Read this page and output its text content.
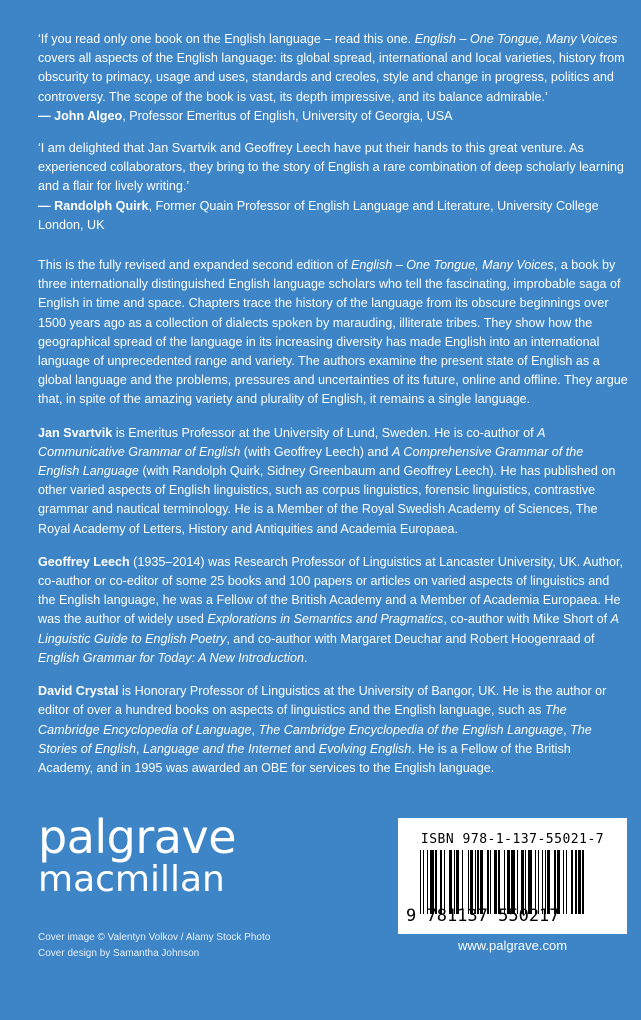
‘If you read only one book on the English language – read this one. English – One Tongue, Many Voices covers all aspects of the English language: its global spread, international and local varieties, history from obscurity to primacy, usage and uses, standards and creoles, style and change in progress, politics and controversy. The scope of the book is vast, its depth impressive, and its balance admirable.’

— John Algeo, Professor Emeritus of English, University of Georgia, USA

‘I am delighted that Jan Svartvik and Geoffrey Leech have put their hands to this great venture. As experienced collaborators, they bring to the story of English a rare combination of deep scholarly learning and a flair for lively writing.’

— Randolph Quirk, Former Quain Professor of English Language and Literature, University College London, UK

This is the fully revised and expanded second edition of English – One Tongue, Many Voices, a book by three internationally distinguished English language scholars who tell the fascinating, improbable saga of English in time and space. Chapters trace the history of the language from its obscure beginnings over 1500 years ago as a collection of dialects spoken by marauding, illiterate tribes. They show how the geographical spread of the language in its increasing diversity has made English into an international language of unprecedented range and variety. The authors examine the present state of English as a global language and the problems, pressures and uncertainties of its future, online and offline. They argue that, in spite of the amazing variety and plurality of English, it remains a single language.

Jan Svartvik is Emeritus Professor at the University of Lund, Sweden. He is co-author of A Communicative Grammar of English (with Geoffrey Leech) and A Comprehensive Grammar of the English Language (with Randolph Quirk, Sidney Greenbaum and Geoffrey Leech). He has published on other varied aspects of English linguistics, such as corpus linguistics, forensic linguistics, contrastive grammar and nautical terminology. He is a Member of the Royal Swedish Academy of Sciences, The Royal Academy of Letters, History and Antiquities and Academia Europaea.

Geoffrey Leech (1935–2014) was Research Professor of Linguistics at Lancaster University, UK. Author, co-author or co-editor of some 25 books and 100 papers or articles on varied aspects of linguistics and the English language, he was a Fellow of the British Academy and a Member of Academia Europaea. He was the author of widely used Explorations in Semantics and Pragmatics, co-author with Mike Short of A Linguistic Guide to English Poetry, and co-author with Margaret Deuchar and Robert Hoogenraad of English Grammar for Today: A New Introduction.

David Crystal is Honorary Professor of Linguistics at the University of Bangor, UK. He is the author or editor of over a hundred books on aspects of linguistics and the English language, such as The Cambridge Encyclopedia of Language, The Cambridge Encyclopedia of the English Language, The Stories of English, Language and the Internet and Evolving English. He is a Fellow of the British Academy, and in 1995 was awarded an OBE for services to the English language.

palgrave
macmillan
Cover image © Valentyn Volkov / Alamy Stock Photo
Cover design by Samantha Johnson
ISBN 978-1-137-55021-7
9 781137 550217
www.palgrave.com
